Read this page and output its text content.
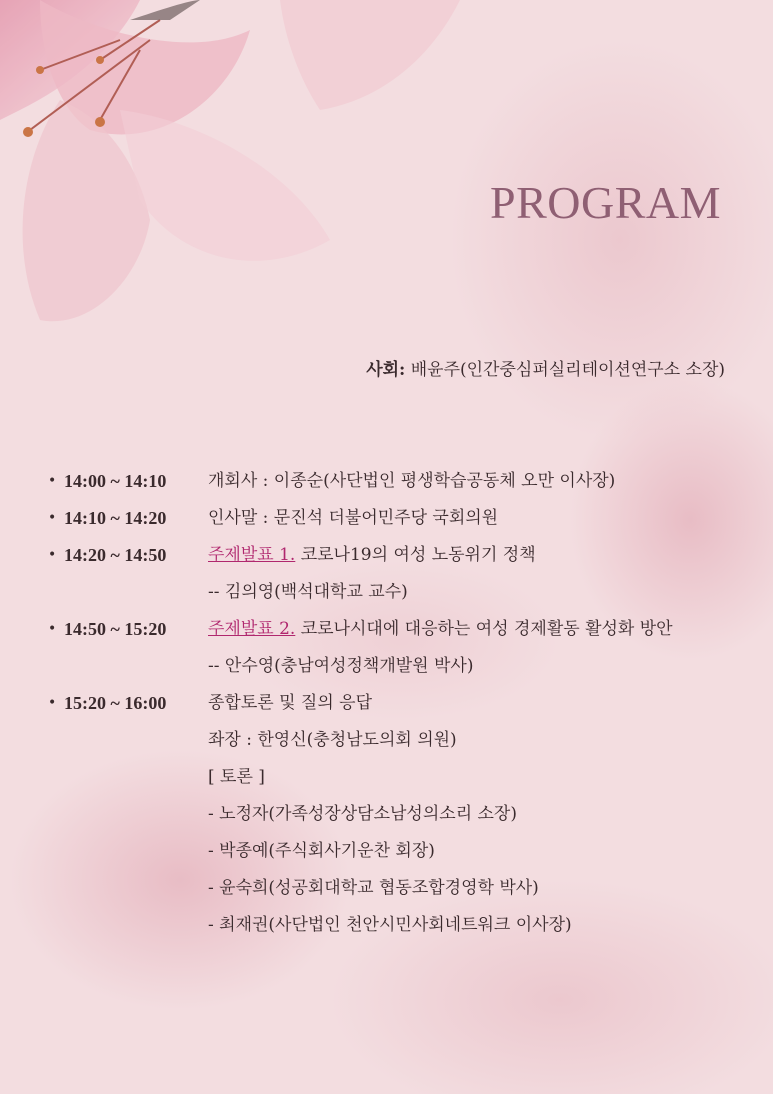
PROGRAM
사회: 배윤주(인간중심퍼실리테이션연구소 소장)
• 14:00 ~ 14:10 개회사 : 이종순(사단법인 평생학습공동체 오만 이사장)
• 14:10 ~ 14:20 인사말 : 문진석 더불어민주당 국회의원
• 14:20 ~ 14:50 주제발표 1. 코로나19의 여성 노동위기 정책
-- 김의영(백석대학교 교수)
• 14:50 ~ 15:20 주제발표 2. 코로나시대에 대응하는 여성 경제활동 활성화 방안
-- 안수영(충남여성정책개발원 박사)
• 15:20 ~ 16:00 종합토론 및 질의 응답
좌장 : 한영신(충청남도의회 의원)
[ 토론 ]
- 노정자(가족성장상담소남성의소리 소장)
- 박종예(주식회사기운찬 회장)
- 윤숙희(성공회대학교 협동조합경영학 박사)
- 최재권(사단법인 천안시민사회네트워크 이사장)
